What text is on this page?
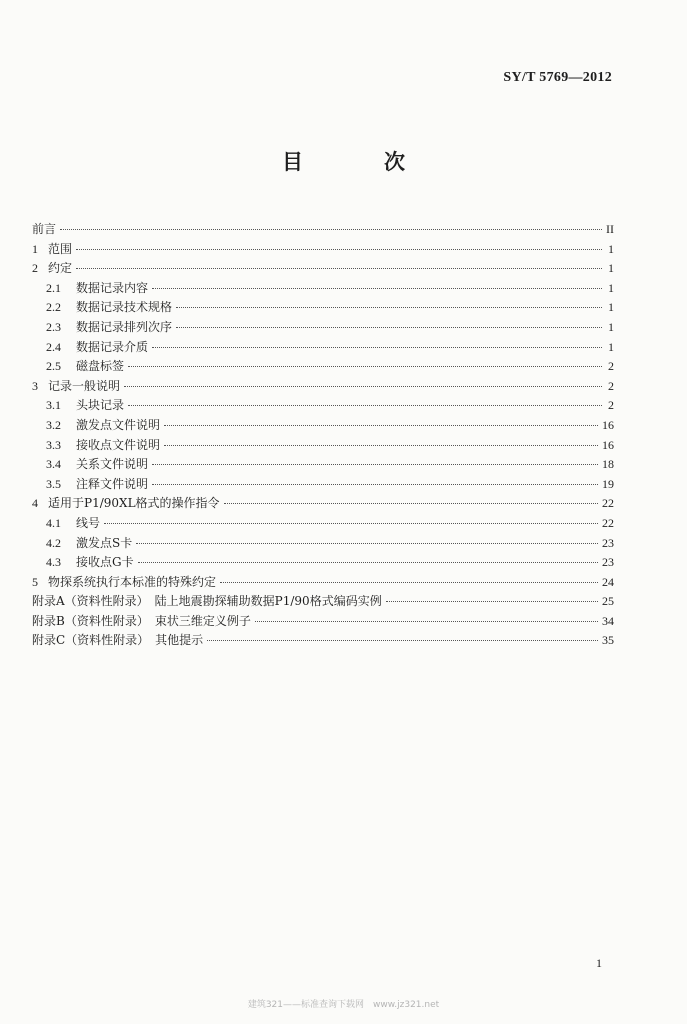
SY/T 5769—2012
目　次
前言	II
1 范围	1
2 约定	1
2.1	数据记录内容	1
2.2	数据记录技术规格	1
2.3	数据记录排列次序	1
2.4	数据记录介质	1
2.5	磁盘标签	2
3 记录一般说明	2
3.1	头块记录	2
3.2	激发点文件说明	16
3.3	接收点文件说明	16
3.4	关系文件说明	18
3.5	注释文件说明	19
4 适用于P1/90XL格式的操作指令	22
4.1	线号	22
4.2	激发点S卡	23
4.3	接收点G卡	23
5 物探系统执行本标准的特殊约定	24
附录A（资料性附录）　陆上地震勘探辅助数据P1/90格式编码实例	25
附录B（资料性附录）　束状三维定义例子	34
附录C（资料性附录）　其他提示	35
1
建筑321——标准查询下载网　www.jz321.net
